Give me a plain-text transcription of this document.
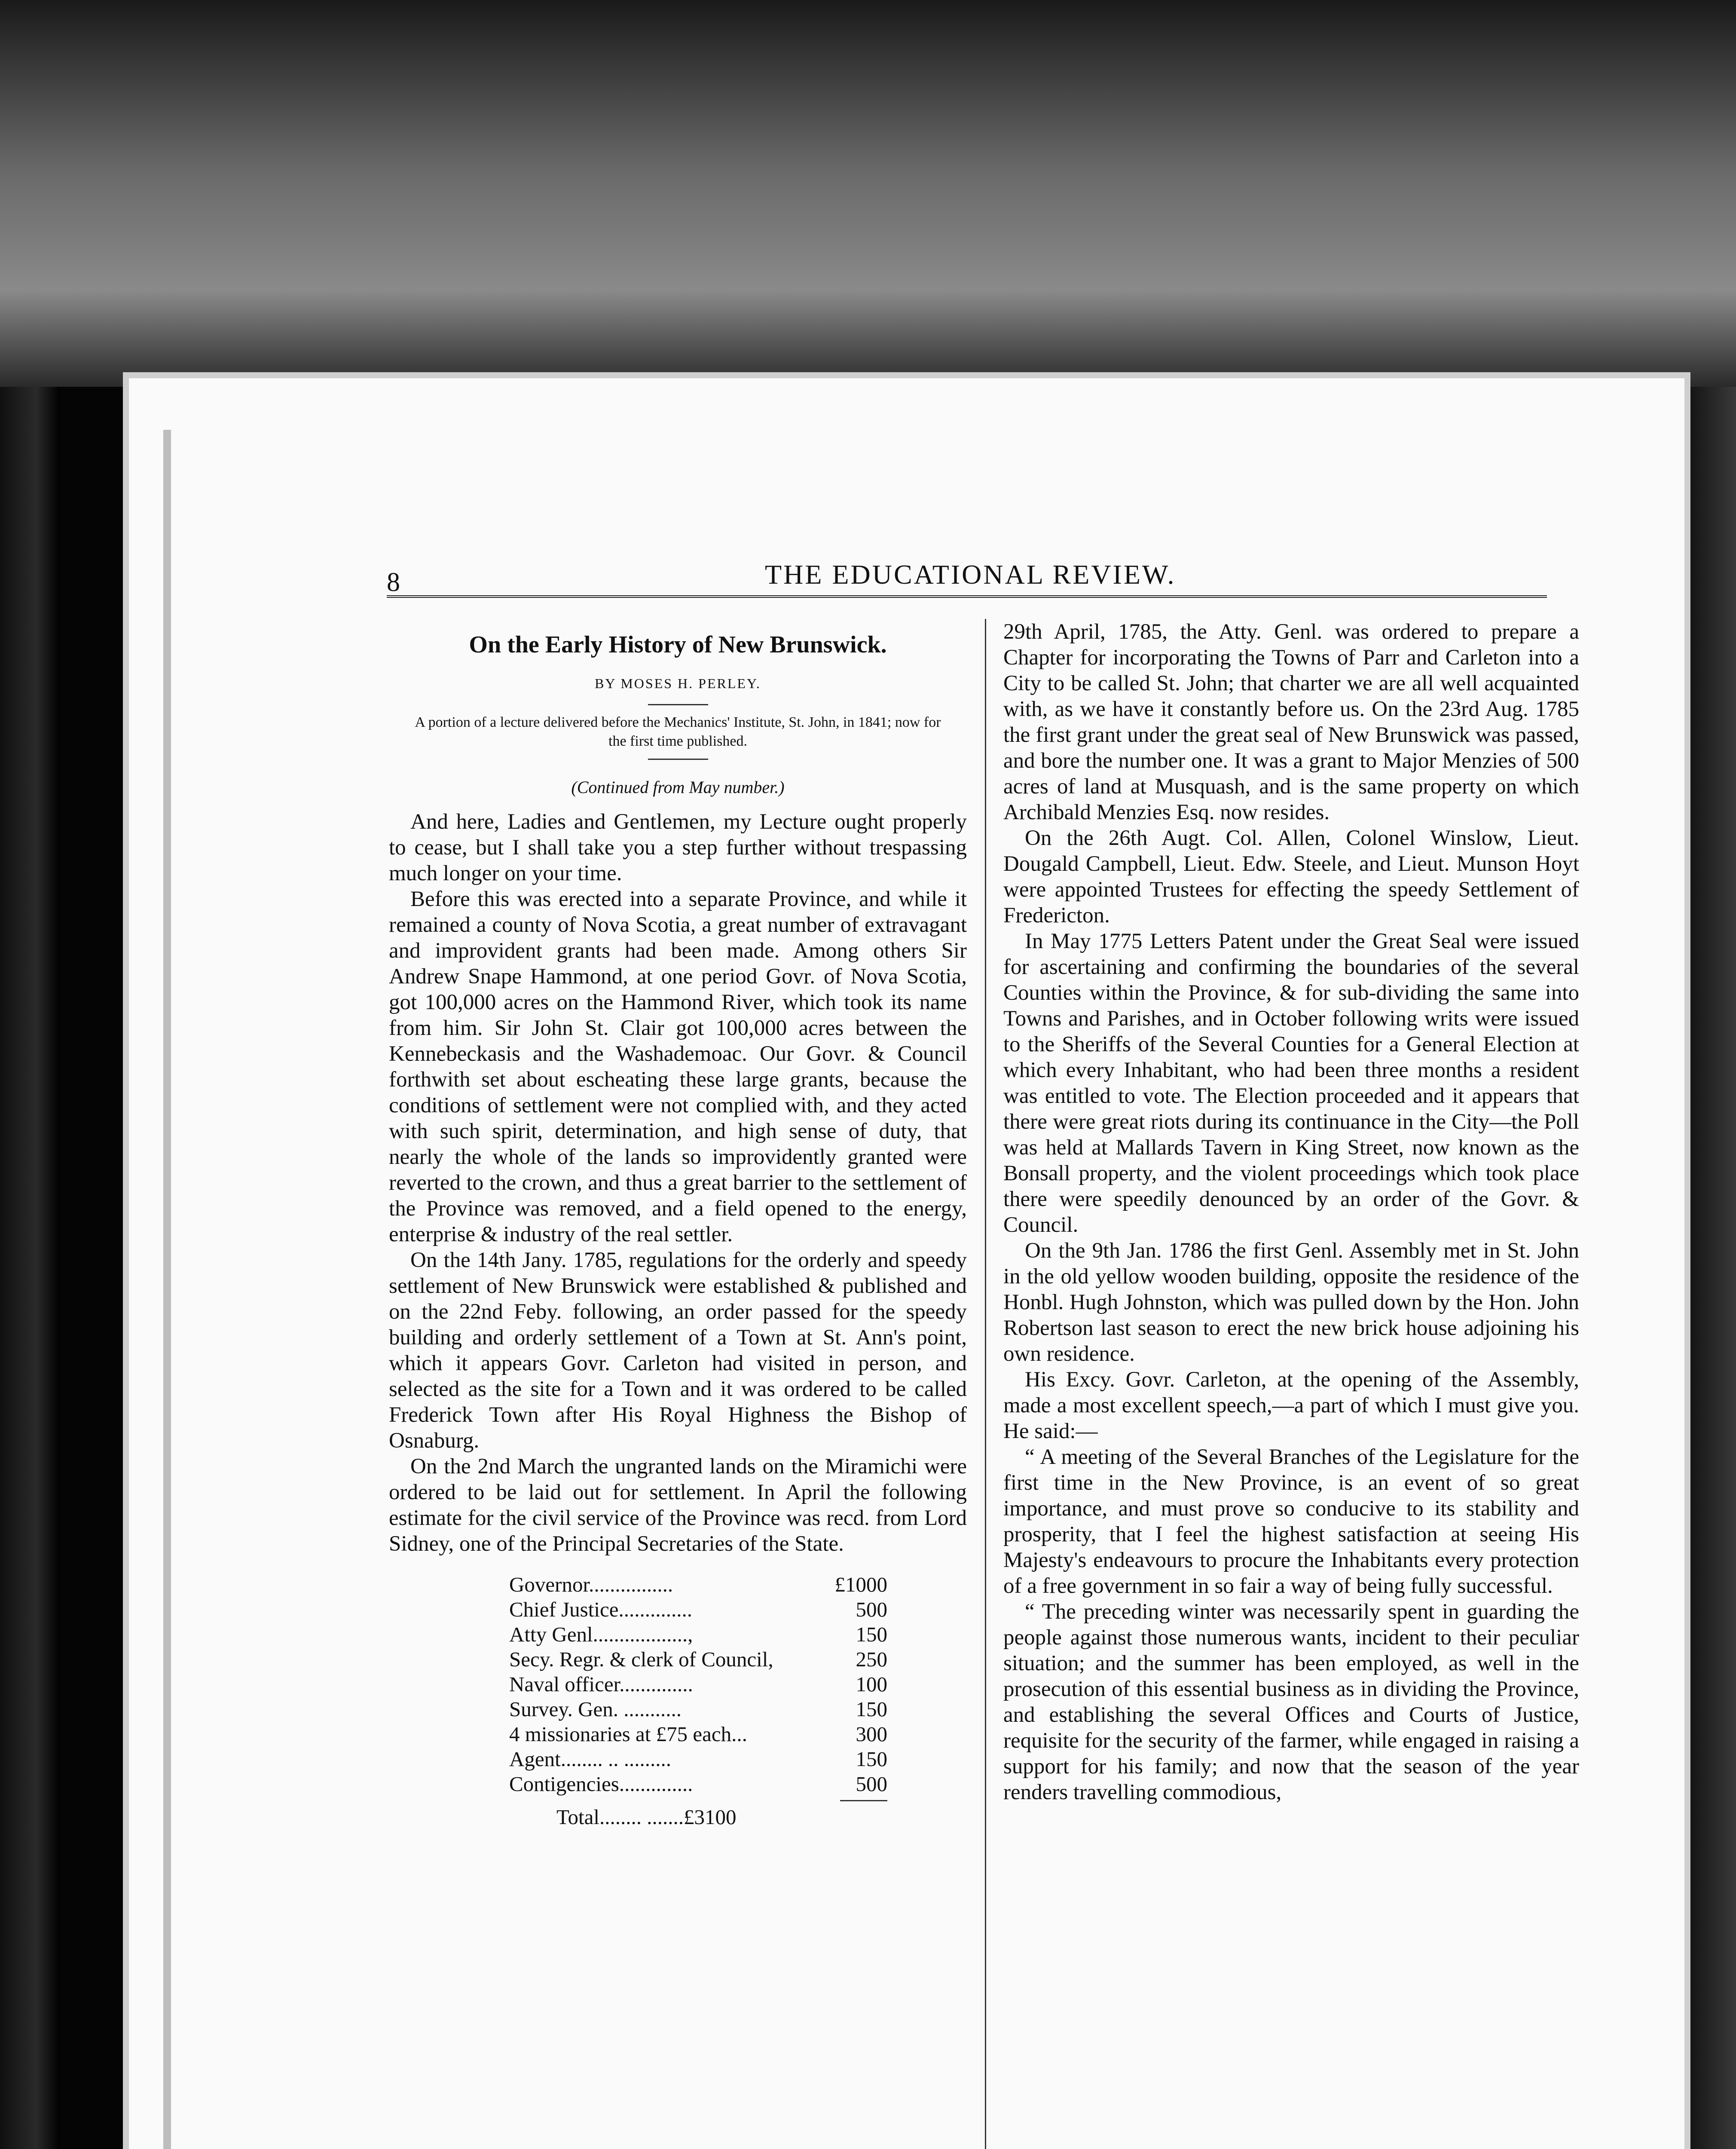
8	THE EDUCATIONAL REVIEW.
On the Early History of New Brunswick.
BY MOSES H. PERLEY.
A portion of a lecture delivered before the Mechanics' Institute, St. John, in 1841; now for the first time published.
(Continued from May number.)

And here, Ladies and Gentlemen, my Lecture ought properly to cease, but I shall take you a step further without trespassing much longer on your time.

Before this was erected into a separate Province, and while it remained a county of Nova Scotia, a great number of extravagant and improvident grants had been made. Among others Sir Andrew Snape Hammond, at one period Govr. of Nova Scotia, got 100,000 acres on the Hammond River, which took its name from him. Sir John St. Clair got 100,000 acres between the Kennebeckasis and the Washademoac. Our Govr. & Council forthwith set about escheating these large grants, because the conditions of settlement were not complied with, and they acted with such spirit, determination, and high sense of duty, that nearly the whole of the lands so improvidently granted were reverted to the crown, and thus a great barrier to the settlement of the Province was removed, and a field opened to the energy, enterprise & industry of the real settler.

On the 14th Jany. 1785, regulations for the orderly and speedy settlement of New Brunswick were established & published and on the 22nd Feby. following, an order passed for the speedy building and orderly settlement of a Town at St. Ann's point, which it appears Govr. Carleton had visited in person, and selected as the site for a Town and it was ordered to be called Frederick Town after His Royal Highness the Bishop of Osnaburg.

On the 2nd March the ungranted lands on the Miramichi were ordered to be laid out for settlement. In April the following estimate for the civil service of the Province was recd. from Lord Sidney, one of the Principal Secretaries of the State.

Governor................	£1000
Chief Justice..............	500
Atty Genl..................,	150
Secy. Regr. & clerk of Council,	250
Naval officer..............	100
Survey. Gen. ...........	150
4 missionaries at £75 each...	300
Agent........ .. .........	150
Contigencies..............	500
Total........ .......£3100

29th April, 1785, the Atty. Genl. was ordered to prepare a Chapter for incorporating the Towns of Parr and Carleton into a City to be called St. John; that charter we are all well acquainted with, as we have it constantly before us. On the 23rd Aug. 1785 the first grant under the great seal of New Brunswick was passed, and bore the number one. It was a grant to Major Menzies of 500 acres of land at Musquash, and is the same property on which Archibald Menzies Esq. now resides.

On the 26th Augt. Col. Allen, Colonel Winslow, Lieut. Dougald Campbell, Lieut. Edw. Steele, and Lieut. Munson Hoyt were appointed Trustees for effecting the speedy Settlement of Fredericton.

In May 1775 Letters Patent under the Great Seal were issued for ascertaining and confirming the boundaries of the several Counties within the Province, & for sub-dividing the same into Towns and Parishes, and in October following writs were issued to the Sheriffs of the Several Counties for a General Election at which every Inhabitant, who had been three months a resident was entitled to vote. The Election proceeded and it appears that there were great riots during its continuance in the City—the Poll was held at Mallards Tavern in King Street, now known as the Bonsall property, and the violent proceedings which took place there were speedily denounced by an order of the Govr. & Council.

On the 9th Jan. 1786 the first Genl. Assembly met in St. John in the old yellow wooden building, opposite the residence of the Honbl. Hugh Johnston, which was pulled down by the Hon. John Robertson last season to erect the new brick house adjoining his own residence.

His Excy. Govr. Carleton, at the opening of the Assembly, made a most excellent speech,—a part of which I must give you. He said:—

“ A meeting of the Several Branches of the Legislature for the first time in the New Province, is an event of so great importance, and must prove so conducive to its stability and prosperity, that I feel the highest satisfaction at seeing His Majesty's endeavours to procure the Inhabitants every protection of a free government in so fair a way of being fully successful.

“ The preceding winter was necessarily spent in guarding the people against those numerous wants, incident to their peculiar situation; and the summer has been employed, as well in the prosecution of this essential business as in dividing the Province, and establishing the several Offices and Courts of Justice, requisite for the security of the farmer, while engaged in raising a support for his family; and now that the season of the year renders travelling commodious,
